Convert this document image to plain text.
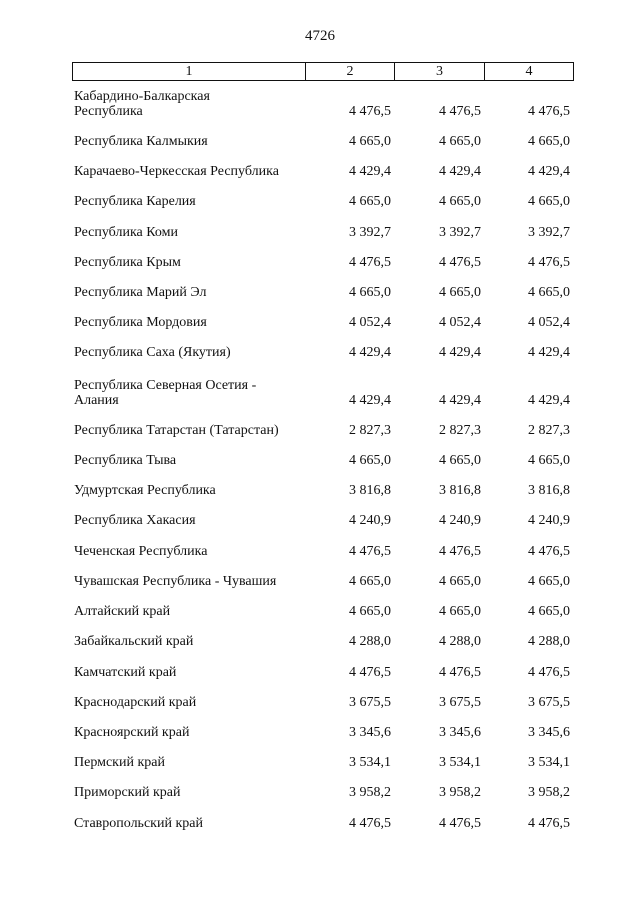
4726
1	2	3	4
Кабардино-Балкарская Республика	4 476,5	4 476,5	4 476,5
Республика Калмыкия	4 665,0	4 665,0	4 665,0
Карачаево-Черкесская Республика	4 429,4	4 429,4	4 429,4
Республика Карелия	4 665,0	4 665,0	4 665,0
Республика Коми	3 392,7	3 392,7	3 392,7
Республика Крым	4 476,5	4 476,5	4 476,5
Республика Марий Эл	4 665,0	4 665,0	4 665,0
Республика Мордовия	4 052,4	4 052,4	4 052,4
Республика Саха (Якутия)	4 429,4	4 429,4	4 429,4
Республика Северная Осетия - Алания	4 429,4	4 429,4	4 429,4
Республика Татарстан (Татарстан)	2 827,3	2 827,3	2 827,3
Республика Тыва	4 665,0	4 665,0	4 665,0
Удмуртская Республика	3 816,8	3 816,8	3 816,8
Республика Хакасия	4 240,9	4 240,9	4 240,9
Чеченская Республика	4 476,5	4 476,5	4 476,5
Чувашская Республика - Чувашия	4 665,0	4 665,0	4 665,0
Алтайский край	4 665,0	4 665,0	4 665,0
Забайкальский край	4 288,0	4 288,0	4 288,0
Камчатский край	4 476,5	4 476,5	4 476,5
Краснодарский край	3 675,5	3 675,5	3 675,5
Красноярский край	3 345,6	3 345,6	3 345,6
Пермский край	3 534,1	3 534,1	3 534,1
Приморский край	3 958,2	3 958,2	3 958,2
Ставропольский край	4 476,5	4 476,5	4 476,5
